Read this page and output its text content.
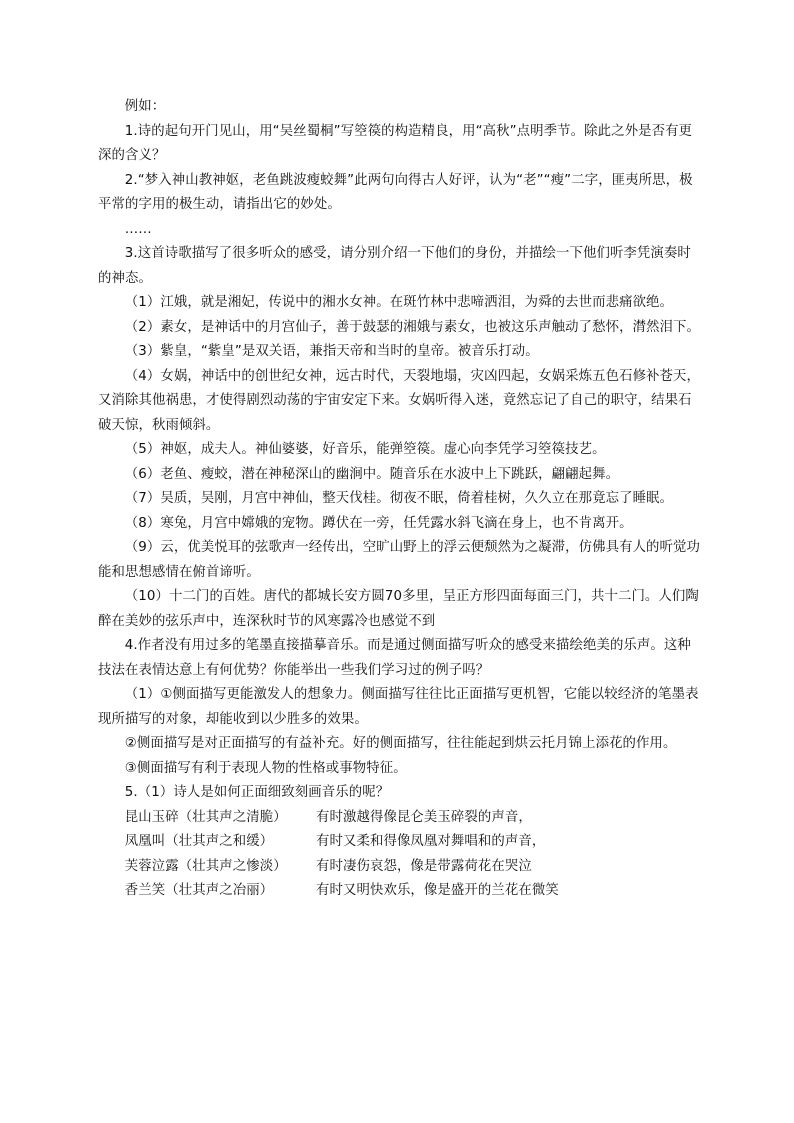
例如：

1.诗的起句开门见山，用“吴丝蜀桐”写箜篌的构造精良，用“高秋”点明季节。除此之外是否有更深的含义？

2.“梦入神山教神妪，老鱼跳波瘦蛟舞”此两句向得古人好评，认为“老”“瘦”二字，匪夷所思，极平常的字用的极生动，请指出它的妙处。

……

3.这首诗歌描写了很多听众的感受，请分别介绍一下他们的身份，并描绘一下他们听李凭演奏时的神态。

（1）江娥，就是湘妃，传说中的湘水女神。在斑竹林中悲啼洒泪，为舜的去世而悲痛欲绝。

（2）素女，是神话中的月宫仙子，善于鼓瑟的湘娥与素女，也被这乐声触动了愁怀，潸然泪下。

（3）紫皇，“紫皇”是双关语，兼指天帝和当时的皇帝。被音乐打动。

（4）女娲，神话中的创世纪女神，远古时代，天裂地塌，灾凶四起，女娲采炼五色石修补苍天，又消除其他祸患，才使得剧烈动荡的宇宙安定下来。女娲听得入迷，竟然忘记了自己的职守，结果石破天惊，秋雨倾斜。

（5）神妪，成夫人。神仙婆婆，好音乐，能弹箜篌。虚心向李凭学习箜篌技艺。

（6）老鱼、瘦蛟，潜在神秘深山的幽涧中。随音乐在水波中上下跳跃，翩翩起舞。

（7）吴质，吴刚，月宫中神仙，整天伐桂。彻夜不眠，倚着桂树，久久立在那竟忘了睡眠。

（8）寒兔，月宫中嫦娥的宠物。蹲伏在一旁，任凭露水斜飞滴在身上，也不肯离开。

（9）云，优美悦耳的弦歌声一经传出，空旷山野上的浮云便颓然为之凝滞，仿佛具有人的听觉功能和思想感情在俯首谛听。

（10）十二门的百姓。唐代的都城长安方圆70多里，呈正方形四面每面三门，共十二门。人们陶醉在美妙的弦乐声中，连深秋时节的风寒露冷也感觉不到

4.作者没有用过多的笔墨直接描摹音乐。而是通过侧面描写听众的感受来描绘绝美的乐声。这种技法在表情达意上有何优势？你能举出一些我们学习过的例子吗？

（1）①侧面描写更能激发人的想象力。侧面描写往往比正面描写更机智，它能以较经济的笔墨表现所描写的对象，却能收到以少胜多的效果。

②侧面描写是对正面描写的有益补充。好的侧面描写，往往能起到烘云托月锦上添花的作用。

③侧面描写有利于表现人物的性格或事物特征。

5.（1）诗人是如何正面细致刻画音乐的呢？

昆山玉碎（壮其声之清脆）	有时激越得像昆仑美玉碎裂的声音，
凤凰叫（壮其声之和缓）	有时又柔和得像凤凰对舞唱和的声音，
芙蓉泣露（壮其声之惨淡）	有时凄伤哀怨，像是带露荷花在哭泣
香兰笑（壮其声之冶丽）	有时又明快欢乐，像是盛开的兰花在微笑
